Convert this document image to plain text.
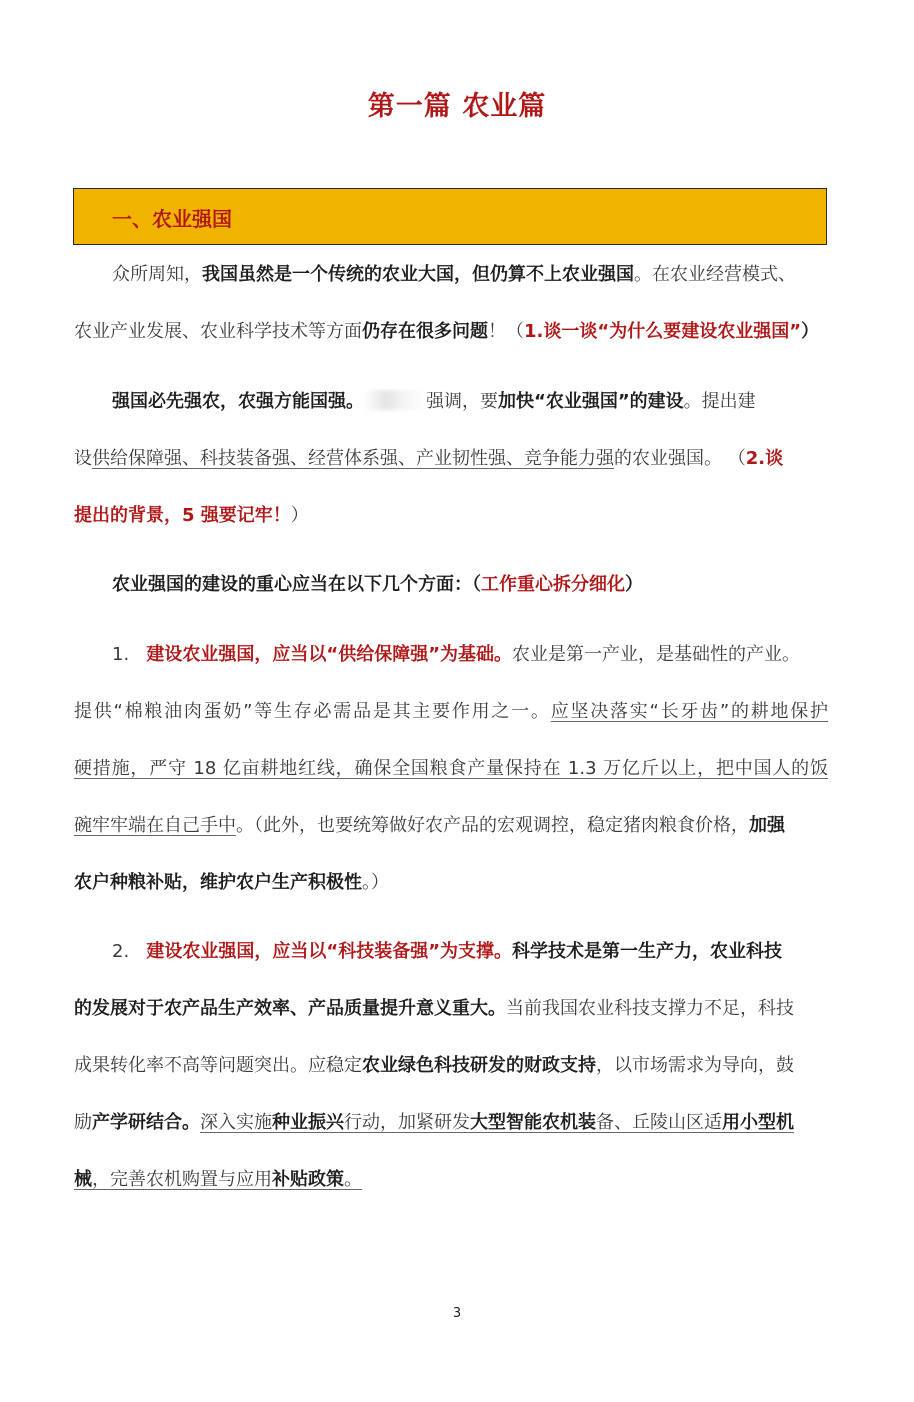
第一篇 农业篇
一、农业强国
众所周知，我国虽然是一个传统的农业大国，但仍算不上农业强国。在农业经营模式、
农业产业发展、农业科学技术等方面仍存在很多问题！（1.谈一谈“为什么要建设农业强国”）
强国必先强农，农强方能国强。	强调，要加快“农业强国”的建设。提出建
设供给保障强、科技装备强、经营体系强、产业韧性强、竞争能力强的农业强国。 （2.谈
提出的背景，5 强要记牢！）
农业强国的建设的重心应当在以下几个方面：（工作重心拆分细化）
1. 建设农业强国，应当以“供给保障强”为基础。农业是第一产业，是基础性的产业。
提供“棉粮油肉蛋奶”等生存必需品是其主要作用之一。应坚决落实“长牙齿”的耕地保护
硬措施，严守 18 亿亩耕地红线，确保全国粮食产量保持在 1.3 万亿斤以上，把中国人的饭
碗牢牢端在自己手中。（此外，也要统筹做好农产品的宏观调控，稳定猪肉粮食价格，加强
农户种粮补贴，维护农户生产积极性。）
2. 建设农业强国，应当以“科技装备强”为支撑。科学技术是第一生产力，农业科技
的发展对于农产品生产效率、产品质量提升意义重大。当前我国农业科技支撑力不足，科技
成果转化率不高等问题突出。应稳定农业绿色科技研发的财政支持，以市场需求为导向，鼓
励产学研结合。深入实施种业振兴行动，加紧研发大型智能农机装备、丘陵山区适用小型机
械，完善农机购置与应用补贴政策。
3
